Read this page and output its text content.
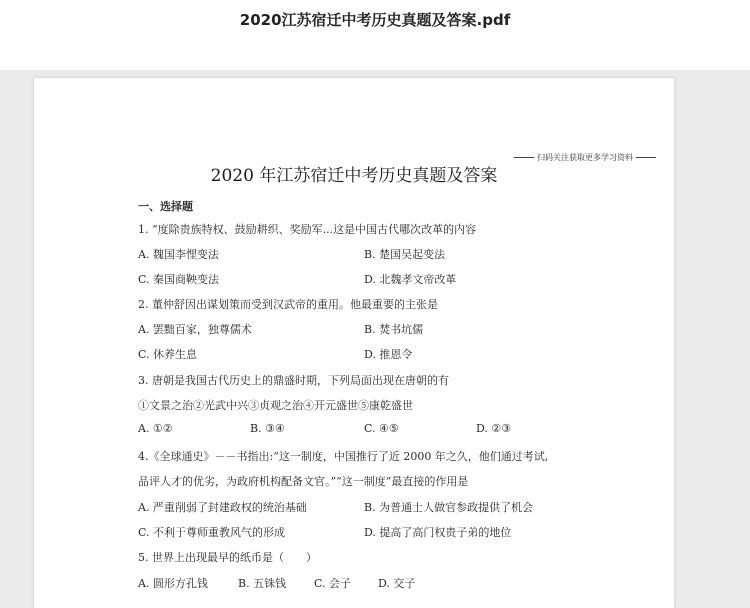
2020江苏宿迁中考历史真题及答案.pdf
扫码关注获取更多学习资料
2020 年江苏宿迁中考历史真题及答案
一、选择题
1. “度除贵族特权、鼓励耕织、奖励军...这是中国古代哪次改革的内容
A. 魏国李悝变法	B. 楚国吴起变法
C. 秦国商鞅变法	D. 北魏孝文帝改革
2. 董仲舒因出谋划策而受到汉武帝的重用。他最重要的主张是
A. 罢黜百家，独尊儒术	B. 焚书坑儒
C. 休养生息	D. 推恩令
3. 唐朝是我国古代历史上的鼎盛时期，下列局面出现在唐朝的有
①文景之治②光武中兴③贞观之治④开元盛世⑤康乾盛世
A. ①②	B. ③④	C. ④⑤	D. ②③
4.《全球通史》－－书指出:“这一制度，中国推行了近 2000 年之久，他们通过考试,
品评人才的优劣，为政府机构配备文官。”“这一制度”最直接的作用是
A. 严重削弱了封建政权的统治基础	B. 为普通士人做官参政提供了机会
C. 不利于尊师重教风气的形成	D. 提高了高门权贵子弟的地位
5. 世界上出现最早的纸币是（　　）
A. 圆形方孔钱	B. 五铢钱	C. 会子 D. 交子
